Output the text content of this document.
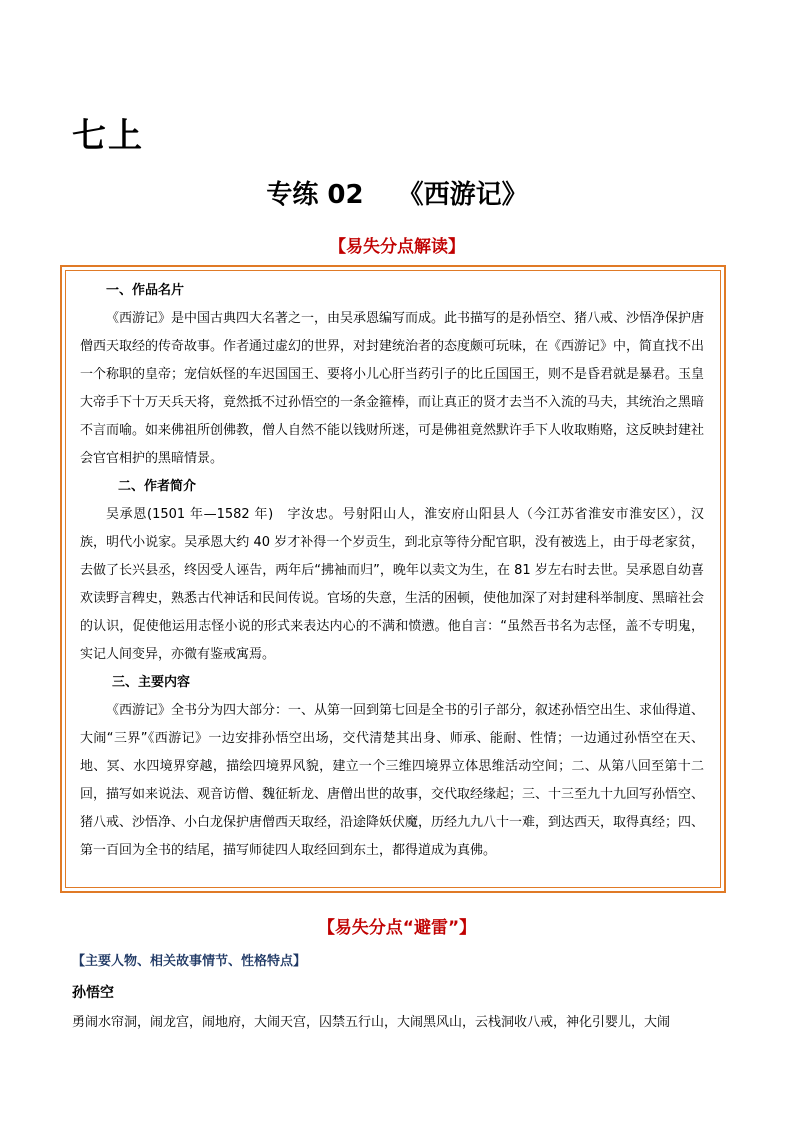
七上
专练 02 《西游记》
【易失分点解读】
一、作品名片

《西游记》是中国古典四大名著之一，由吴承恩编写而成。此书描写的是孙悟空、猪八戒、沙悟净保护唐僧西天取经的传奇故事。作者通过虚幻的世界，对封建统治者的态度颇可玩味，在《西游记》中，简直找不出一个称职的皇帝；宠信妖怪的车迟国国王、要将小儿心肝当药引子的比丘国国王，则不是昏君就是暴君。玉皇大帝手下十万天兵天将，竟然抵不过孙悟空的一条金箍棒，而让真正的贤才去当不入流的马夫，其统治之黑暗不言而喻。如来佛祖所创佛教，僧人自然不能以钱财所迷，可是佛祖竟然默许手下人收取贿赂，这反映封建社会官官相护的黑暗情景。

二、作者简介

吴承恩(1501 年—1582 年)　字汝忠。号射阳山人，淮安府山阳县人（今江苏省淮安市淮安区），汉族，明代小说家。吴承恩大约 40 岁才补得一个岁贡生，到北京等待分配官职，没有被选上，由于母老家贫，去做了长兴县丞，终因受人诬告，两年后“拂袖而归”，晚年以卖文为生，在 81 岁左右时去世。吴承恩自幼喜欢读野言稗史，熟悉古代神话和民间传说。官场的失意，生活的困顿，使他加深了对封建科举制度、黑暗社会的认识，促使他运用志怪小说的形式来表达内心的不满和愤懑。他自言：“虽然吾书名为志怪，盖不专明鬼，实记人间变异，亦微有鉴戒寓焉。

三、主要内容

《西游记》全书分为四大部分：一、从第一回到第七回是全书的引子部分，叙述孙悟空出生、求仙得道、大闹“三界”《西游记》一边安排孙悟空出场，交代清楚其出身、师承、能耐、性情；一边通过孙悟空在天、地、冥、水四境界穿越，描绘四境界风貌，建立一个三维四境界立体思维活动空间；二、从第八回至第十二回，描写如来说法、观音访僧、魏征斩龙、唐僧出世的故事，交代取经缘起；三、十三至九十九回写孙悟空、猪八戒、沙悟净、小白龙保护唐僧西天取经，沿途降妖伏魔，历经九九八十一难，到达西天，取得真经；四、第一百回为全书的结尾，描写师徒四人取经回到东土，都得道成为真佛。

【易失分点“避雷”】
【主要人物、相关故事情节、性格特点】
孙悟空
勇闹水帘洞，闹龙宫，闹地府，大闹天宫，囚禁五行山，大闹黑风山，云栈洞收八戒，神化引婴儿，大闹
